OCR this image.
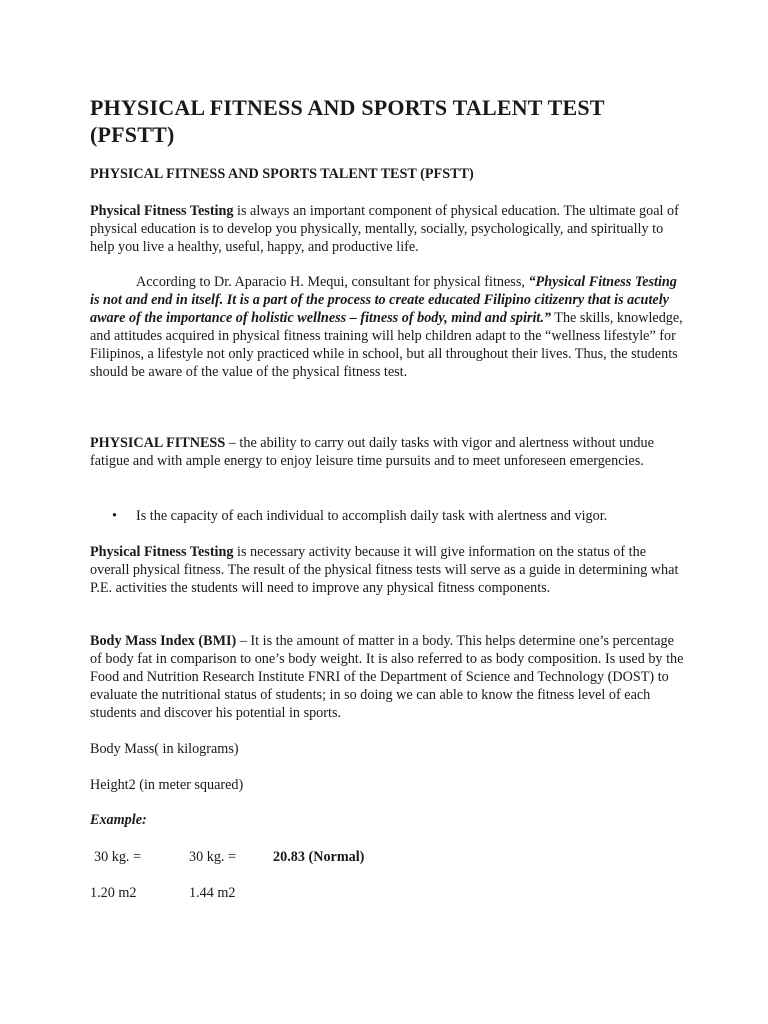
PHYSICAL FITNESS AND SPORTS TALENT TEST (PFSTT)
PHYSICAL FITNESS AND SPORTS TALENT TEST (PFSTT)

Physical Fitness Testing is always an important component of physical education. The ultimate goal of physical education is to develop you physically, mentally, socially, psychologically, and spiritually to help you live a healthy, useful, happy, and productive life.

According to Dr. Aparacio H. Mequi, consultant for physical fitness, “Physical Fitness Testing is not and end in itself. It is a part of the process to create educated Filipino citizenry that is acutely aware of the importance of holistic wellness – fitness of body, mind and spirit.” The skills, knowledge, and attitudes acquired in physical fitness training will help children adapt to the “wellness lifestyle” for Filipinos, a lifestyle not only practiced while in school, but all throughout their lives. Thus, the students should be aware of the value of the physical fitness test.

PHYSICAL FITNESS – the ability to carry out daily tasks with vigor and alertness without undue fatigue and with ample energy to enjoy leisure time pursuits and to meet unforeseen emergencies.

• Is the capacity of each individual to accomplish daily task with alertness and vigor.

Physical Fitness Testing is necessary activity because it will give information on the status of the overall physical fitness. The result of the physical fitness tests will serve as a guide in determining what P.E. activities the students will need to improve any physical fitness components.

Body Mass Index (BMI) – It is the amount of matter in a body. This helps determine one’s percentage of body fat in comparison to one’s body weight. It is also referred to as body composition. Is used by the Food and Nutrition Research Institute FNRI of the Department of Science and Technology (DOST) to evaluate the nutritional status of students; in so doing we can able to know the fitness level of each students and discover his potential in sports.

Body Mass( in kilograms)
Height2 (in meter squared)
Example:
30 kg. =	30 kg. =	20.83 (Normal)
1.20 m2	1.44 m2
